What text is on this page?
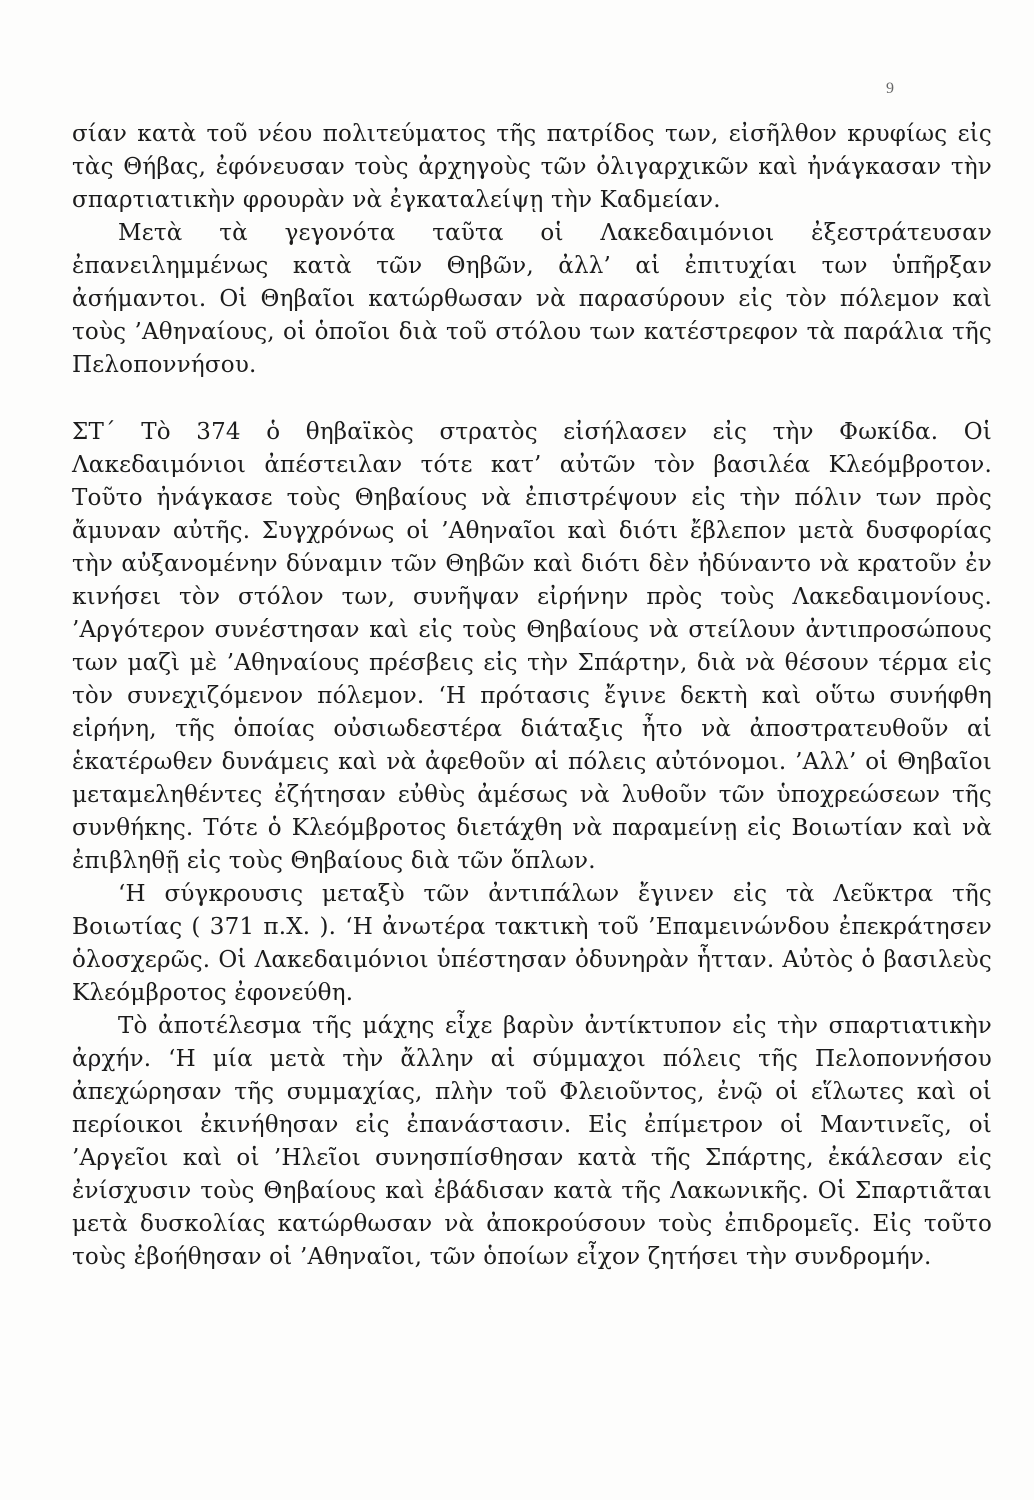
9

σίαν κατὰ τοῦ νέου πολιτεύματος τῆς πατρίδος των, εἰσῆλθον κρυφίως εἰς τὰς Θήβας, ἐφόνευσαν τοὺς ἀρχηγοὺς τῶν ὀλιγαρχικῶν καὶ ἠνάγκασαν τὴν σπαρτιατικὴν φρουρὰν νὰ ἐγκαταλείψῃ τὴν Καδμείαν.

Μετὰ τὰ γεγονότα ταῦτα οἱ Λακεδαιμόνιοι ἐξεστράτευσαν ἐπανειλημμένως κατὰ τῶν Θηβῶν, ἀλλ’ αἱ ἐπιτυχίαι των ὑπῆρξαν ἀσήμαντοι. Οἱ Θηβαῖοι κατώρθωσαν νὰ παρασύρουν εἰς τὸν πόλεμον καὶ τοὺς ’Αθηναίους, οἱ ὁποῖοι διὰ τοῦ στόλου των κατέστρεφον τὰ παράλια τῆς Πελοποννήσου.

ΣΤ΄ Τὸ 374 ὁ θηβαϊκὸς στρατὸς εἰσήλασεν εἰς τὴν Φωκίδα. Οἱ Λακεδαιμόνιοι ἀπέστειλαν τότε κατ’ αὐτῶν τὸν βασιλέα Κλεόμβροτον. Τοῦτο ἠνάγκασε τοὺς Θηβαίους νὰ ἐπιστρέψουν εἰς τὴν πόλιν των πρὸς ἄμυναν αὐτῆς. Συγχρόνως οἱ ’Αθηναῖοι καὶ διότι ἔβλεπον μετὰ δυσφορίας τὴν αὐξανομένην δύναμιν τῶν Θηβῶν καὶ διότι δὲν ἠδύναντο νὰ κρατοῦν ἐν κινήσει τὸν στόλον των, συνῆψαν εἰρήνην πρὸς τοὺς Λακεδαιμονίους. ’Αργότερον συνέστησαν καὶ εἰς τοὺς Θηβαίους νὰ στείλουν ἀντιπροσώπους των μαζὶ μὲ ’Αθηναίους πρέσβεις εἰς τὴν Σπάρτην, διὰ νὰ θέσουν τέρμα εἰς τὸν συνεχιζόμενον πόλεμον. ‘Η πρότασις ἔγινε δεκτὴ καὶ οὕτω συνήφθη εἰρήνη, τῆς ὁποίας οὐσιωδεστέρα διάταξις ἦτο νὰ ἀποστρατευθοῦν αἱ ἑκατέρωθεν δυνάμεις καὶ νὰ ἀφεθοῦν αἱ πόλεις αὐτόνομοι. ’Αλλ’ οἱ Θηβαῖοι μεταμεληθέντες ἐζήτησαν εὐθὺς ἀμέσως νὰ λυθοῦν τῶν ὑποχρεώσεων τῆς συνθήκης. Τότε ὁ Κλεόμβροτος διετάχθη νὰ παραμείνῃ εἰς Βοιωτίαν καὶ νὰ ἐπιβληθῇ εἰς τοὺς Θηβαίους διὰ τῶν ὅπλων.

‘Η σύγκρουσις μεταξὺ τῶν ἀντιπάλων ἔγινεν εἰς τὰ Λεῦκτρα τῆς Βοιωτίας ( 371 π.Χ. ). ‘Η ἀνωτέρα τακτικὴ τοῦ ’Επαμεινώνδου ἐπεκράτησεν ὁλοσχερῶς. Οἱ Λακεδαιμόνιοι ὑπέστησαν ὀδυνηρὰν ἧτταν. Αὐτὸς ὁ βασιλεὺς Κλεόμβροτος ἐφονεύθη.

Τὸ ἀποτέλεσμα τῆς μάχης εἶχε βαρὺν ἀντίκτυπον εἰς τὴν σπαρτιατικὴν ἀρχήν. ‘Η μία μετὰ τὴν ἄλλην αἱ σύμμαχοι πόλεις τῆς Πελοποννήσου ἀπεχώρησαν τῆς συμμαχίας, πλὴν τοῦ Φλειοῦντος, ἐνῷ οἱ εἵλωτες καὶ οἱ περίοικοι ἐκινήθησαν εἰς ἐπανάστασιν. Εἰς ἐπίμετρον οἱ Μαντινεῖς, οἱ ’Αργεῖοι καὶ οἱ ’Ηλεῖοι συνησπίσθησαν κατὰ τῆς Σπάρτης, ἐκάλεσαν εἰς ἐνίσχυσιν τοὺς Θηβαίους καὶ ἐβάδισαν κατὰ τῆς Λακωνικῆς. Οἱ Σπαρτιᾶται μετὰ δυσκολίας κατώρθωσαν νὰ ἀποκρούσουν τοὺς ἐπιδρομεῖς. Εἰς τοῦτο τοὺς ἐβοήθησαν οἱ ’Αθηναῖοι, τῶν ὁποίων εἶχον ζητήσει τὴν συνδρομήν.
